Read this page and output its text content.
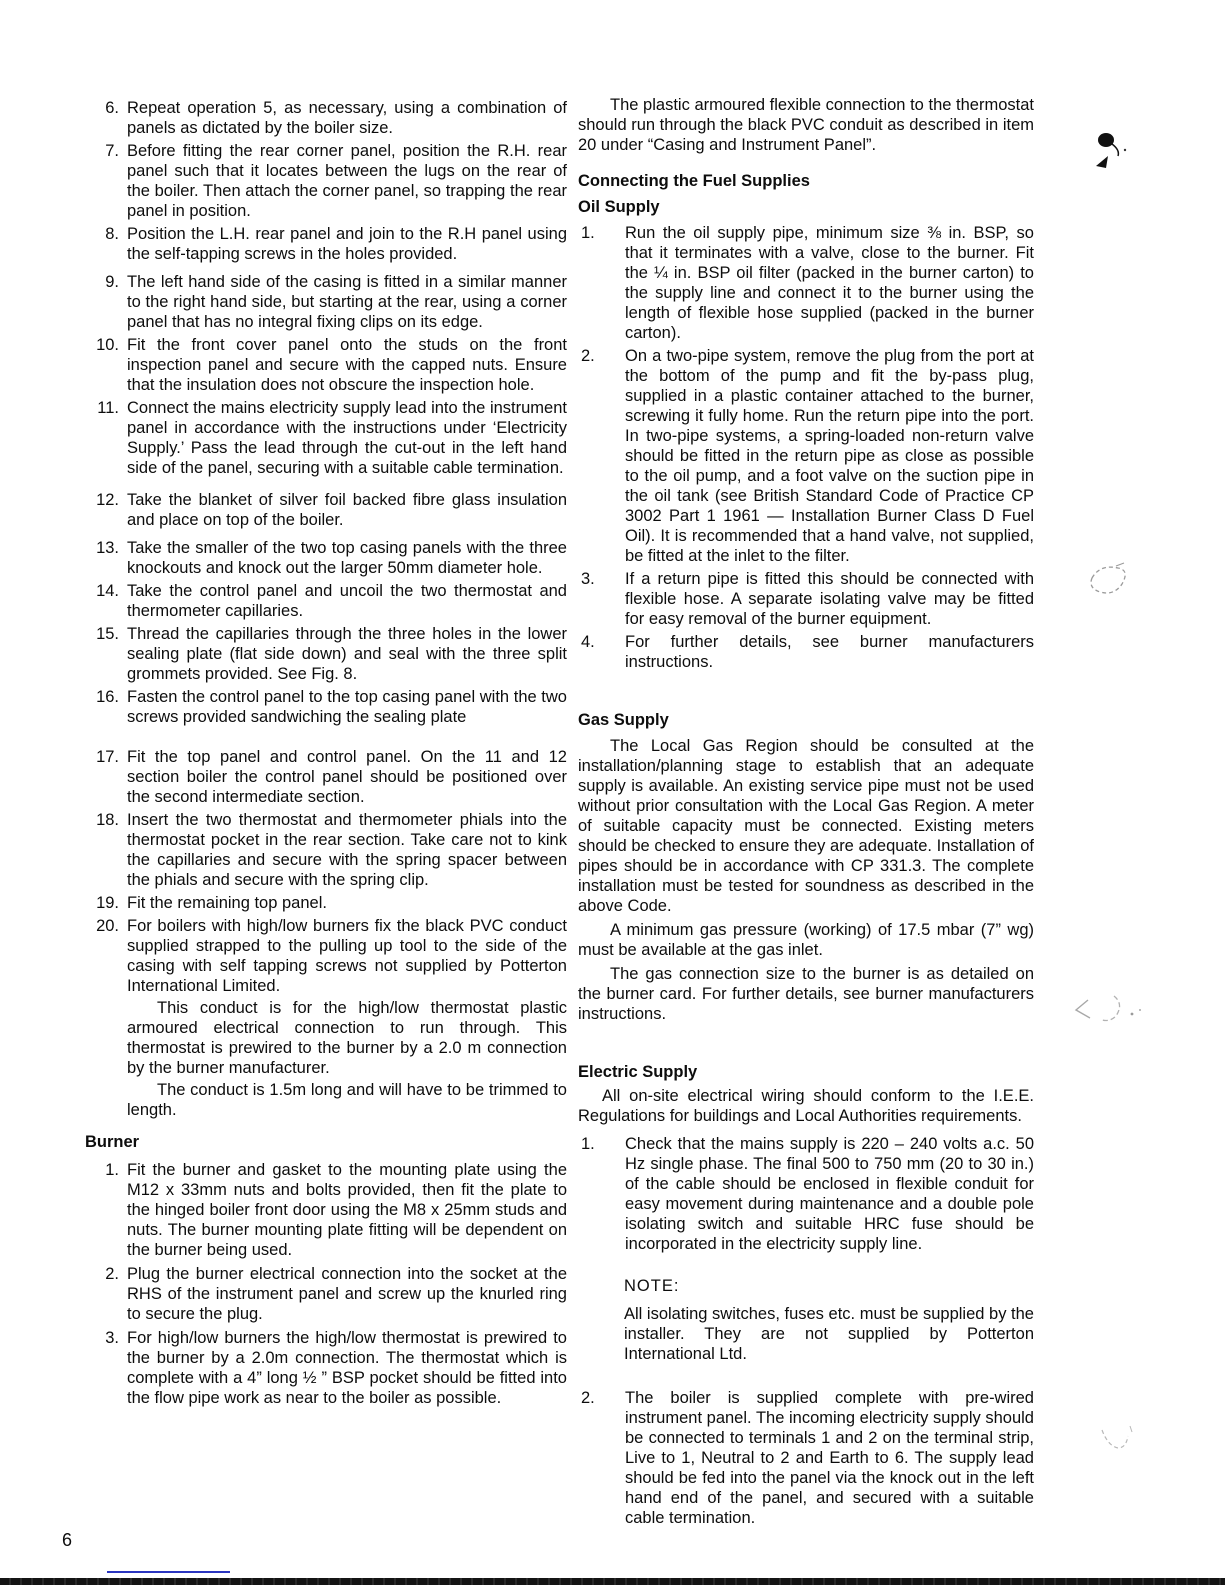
6. Repeat operation 5, as necessary, using a combination of panels as dictated by the boiler size.
7. Before fitting the rear corner panel, position the R.H. rear panel such that it locates between the lugs on the rear of the boiler. Then attach the corner panel, so trapping the rear panel in position.
8. Position the L.H. rear panel and join to the R.H panel using the self-tapping screws in the holes provided.
9. The left hand side of the casing is fitted in a similar manner to the right hand side, but starting at the rear, using a corner panel that has no integral fixing clips on its edge.
10. Fit the front cover panel onto the studs on the front inspection panel and secure with the capped nuts. Ensure that the insulation does not obscure the inspection hole.
11. Connect the mains electricity supply lead into the instrument panel in accordance with the instructions under ‘Electricity Supply.’ Pass the lead through the cut-out in the left hand side of the panel, securing with a suitable cable termination.
12. Take the blanket of silver foil backed fibre glass insulation and place on top of the boiler.
13. Take the smaller of the two top casing panels with the three knockouts and knock out the larger 50mm diameter hole.
14. Take the control panel and uncoil the two thermostat and thermometer capillaries.
15. Thread the capillaries through the three holes in the lower sealing plate (flat side down) and seal with the three split grommets provided. See Fig. 8.
16. Fasten the control panel to the top casing panel with the two screws provided sandwiching the sealing plate
17. Fit the top panel and control panel. On the 11 and 12 section boiler the control panel should be positioned over the second intermediate section.
18. Insert the two thermostat and thermometer phials into the thermostat pocket in the rear section. Take care not to kink the capillaries and secure with the spring spacer between the phials and secure with the spring clip.
19. Fit the remaining top panel.
20. For boilers with high/low burners fix the black PVC conduct supplied strapped to the pulling up tool to the side of the casing with self tapping screws not supplied by Potterton International Limited.
This conduct is for the high/low thermostat plastic armoured electrical connection to run through. This thermostat is prewired to the burner by a 2.0 m connection by the burner manufacturer.
The conduct is 1.5m long and will have to be trimmed to length.
Burner
1. Fit the burner and gasket to the mounting plate using the M12 x 33mm nuts and bolts provided, then fit the plate to the hinged boiler front door using the M8 x 25mm studs and nuts. The burner mounting plate fitting will be dependent on the burner being used.
2. Plug the burner electrical connection into the socket at the RHS of the instrument panel and screw up the knurled ring to secure the plug.
3. For high/low burners the high/low thermostat is prewired to the burner by a 2.0m connection. The thermostat which is complete with a 4” long ½ ” BSP pocket should be fitted into the flow pipe work as near to the boiler as possible.
The plastic armoured flexible connection to the thermostat should run through the black PVC conduit as described in item 20 under “Casing and Instrument Panel”.
Connecting the Fuel Supplies
Oil Supply
1.	Run the oil supply pipe, minimum size ⅜ in. BSP, so that it terminates with a valve, close to the burner. Fit the ¼ in. BSP oil filter (packed in the burner carton) to the supply line and connect it to the burner using the length of flexible hose supplied (packed in the burner carton).
2.	On a two-pipe system, remove the plug from the port at the bottom of the pump and fit the by-pass plug, supplied in a plastic container attached to the burner, screwing it fully home. Run the return pipe into the port. In two-pipe systems, a spring-loaded non-return valve should be fitted in the return pipe as close as possible to the oil pump, and a foot valve on the suction pipe in the oil tank (see British Standard Code of Practice CP 3002 Part 1 1961 — Installation Burner Class D Fuel Oil). It is recommended that a hand valve, not supplied, be fitted at the inlet to the filter.
3.	If a return pipe is fitted this should be connected with flexible hose. A separate isolating valve may be fitted for easy removal of the burner equipment.
4.	For further details, see burner manufacturers instructions.
Gas Supply
The Local Gas Region should be consulted at the installation/planning stage to establish that an adequate supply is available. An existing service pipe must not be used without prior consultation with the Local Gas Region. A meter of suitable capacity must be connected. Existing meters should be checked to ensure they are adequate. Installation of pipes should be in accordance with CP 331.3. The complete installation must be tested for soundness as described in the above Code.
A minimum gas pressure (working) of 17.5 mbar (7” wg) must be available at the gas inlet.
The gas connection size to the burner is as detailed on the burner card. For further details, see burner manufacturers instructions.
Electric Supply
All on-site electrical wiring should conform to the I.E.E. Regulations for buildings and Local Authorities requirements.
1.	Check that the mains supply is 220 – 240 volts a.c. 50 Hz single phase. The final 500 to 750 mm (20 to 30 in.) of the cable should be enclosed in flexible conduit for easy movement during maintenance and a double pole isolating switch and suitable HRC fuse should be incorporated in the electricity supply line.
NOTE:
All isolating switches, fuses etc. must be supplied by the installer. They are not supplied by Potterton International Ltd.
2.	The boiler is supplied complete with pre-wired instrument panel. The incoming electricity supply should be connected to terminals 1 and 2 on the terminal strip, Live to 1, Neutral to 2 and Earth to 6. The supply lead should be fed into the panel via the knock out in the left hand end of the panel, and secured with a suitable cable termination.
6
